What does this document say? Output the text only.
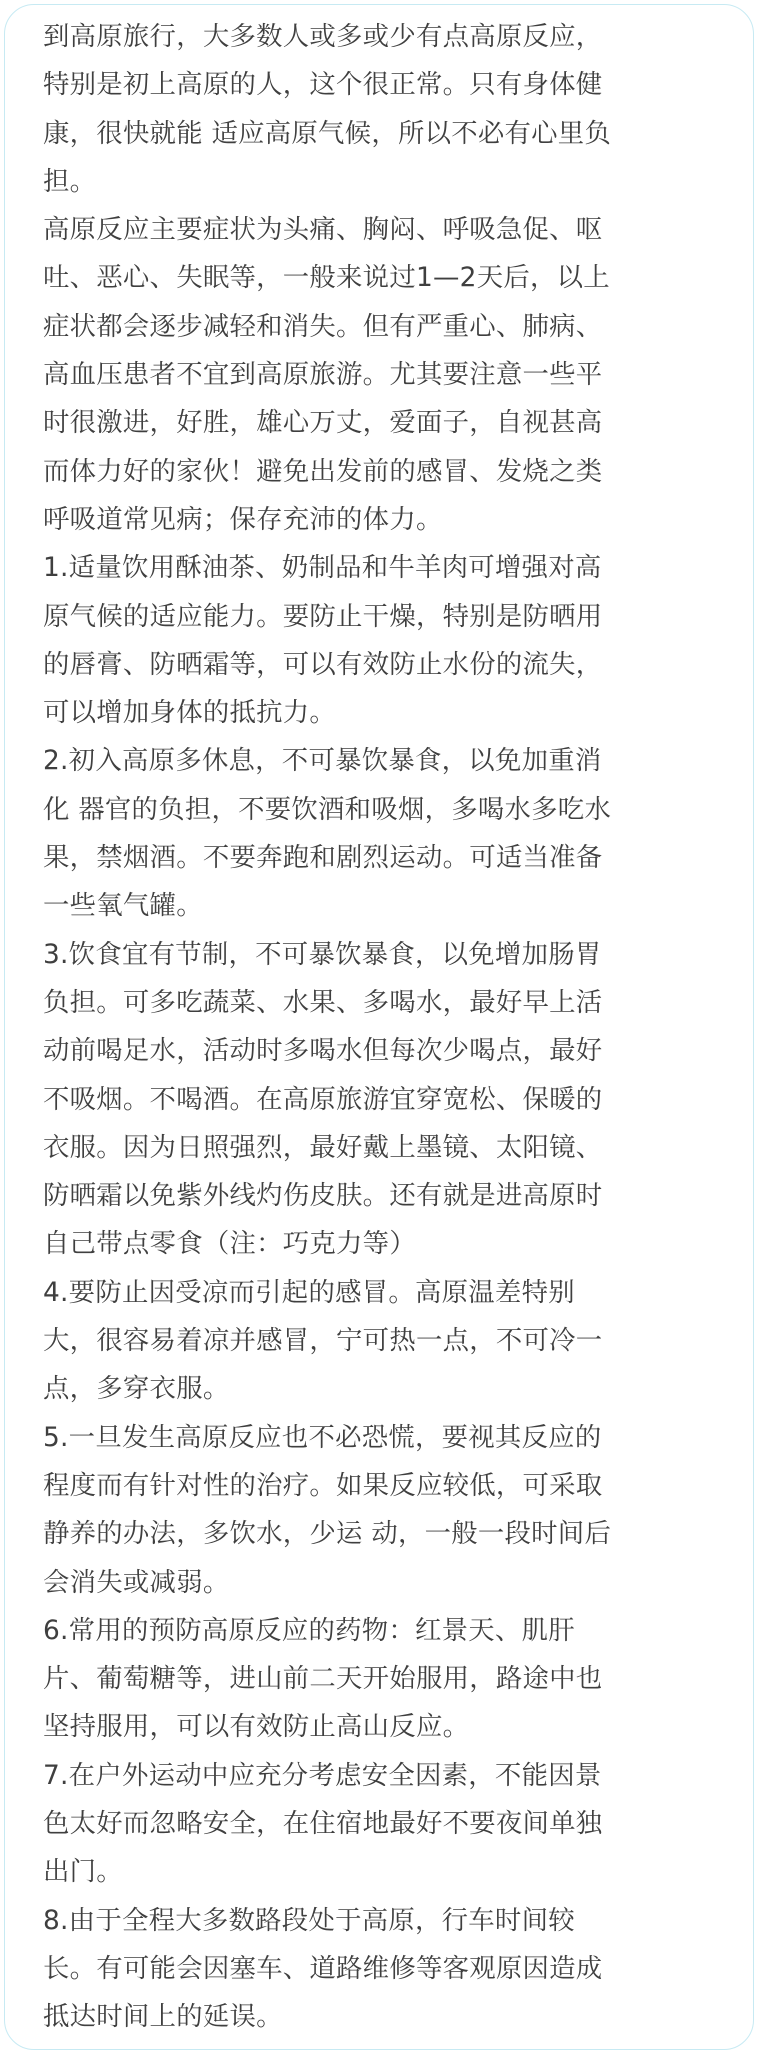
到高原旅行，大多数人或多或少有点高原反应，
特别是初上高原的人，这个很正常。只有身体健
康，很快就能 适应高原气候，所以不必有心里负
担。

高原反应主要症状为头痛、胸闷、呼吸急促、呕
吐、恶心、失眠等，一般来说过1—2天后，以上
症状都会逐步减轻和消失。但有严重心、肺病、
高血压患者不宜到高原旅游。尤其要注意一些平
时很激进，好胜，雄心万丈，爱面子，自视甚高
而体力好的家伙！避免出发前的感冒、发烧之类
呼吸道常见病；保存充沛的体力。

1.适量饮用酥油茶、奶制品和牛羊肉可增强对高
原气候的适应能力。要防止干燥，特别是防晒用
的唇膏、防晒霜等，可以有效防止水份的流失，
可以增加身体的抵抗力。

2.初入高原多休息，不可暴饮暴食，以免加重消
化 器官的负担，不要饮酒和吸烟，多喝水多吃水
果，禁烟酒。不要奔跑和剧烈运动。可适当准备
一些氧气罐。

3.饮食宜有节制，不可暴饮暴食，以免增加肠胃
负担。可多吃蔬菜、水果、多喝水，最好早上活
动前喝足水，活动时多喝水但每次少喝点，最好
不吸烟。不喝酒。在高原旅游宜穿宽松、保暖的
衣服。因为日照强烈，最好戴上墨镜、太阳镜、
防晒霜以免紫外线灼伤皮肤。还有就是进高原时
自己带点零食（注：巧克力等）

4.要防止因受凉而引起的感冒。高原温差特别
大，很容易着凉并感冒，宁可热一点，不可冷一
点，多穿衣服。

5.一旦发生高原反应也不必恐慌，要视其反应的
程度而有针对性的治疗。如果反应较低，可采取
静养的办法，多饮水，少运 动，一般一段时间后
会消失或减弱。

6.常用的预防高原反应的药物：红景天、肌肝
片、葡萄糖等，进山前二天开始服用，路途中也
坚持服用，可以有效防止高山反应。

7.在户外运动中应充分考虑安全因素，不能因景
色太好而忽略安全，在住宿地最好不要夜间单独
出门。

8.由于全程大多数路段处于高原，行车时间较
长。有可能会因塞车、道路维修等客观原因造成
抵达时间上的延误。
